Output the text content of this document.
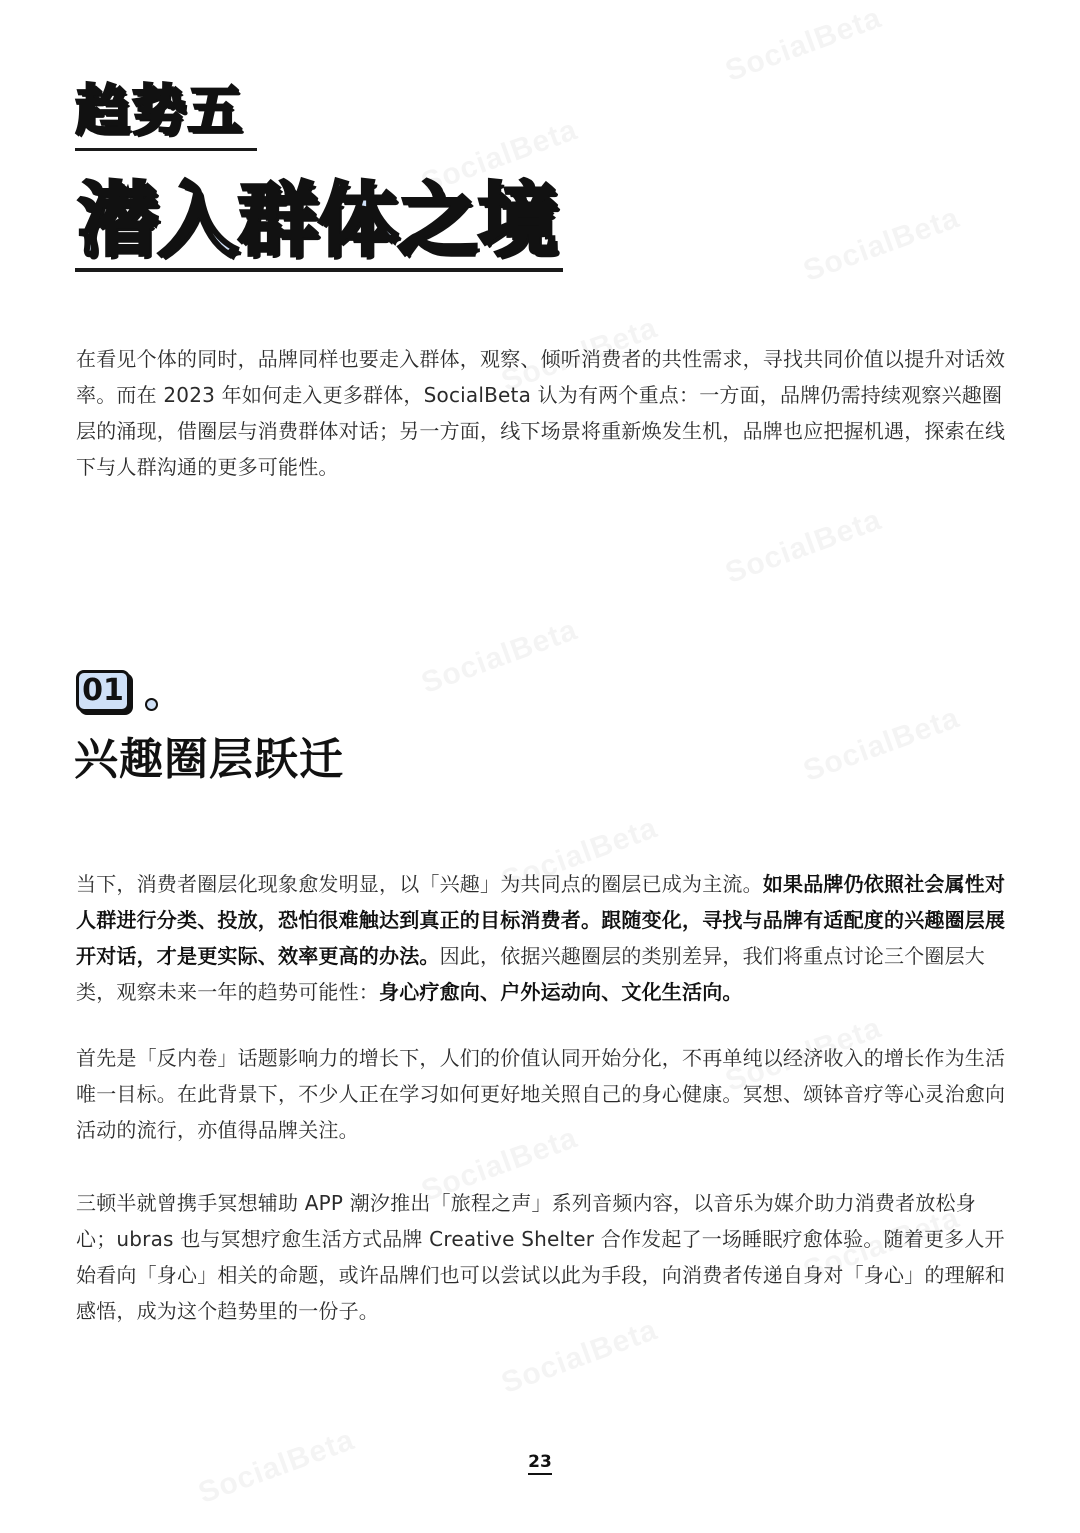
趋势五
潜入群体之境

在看见个体的同时，品牌同样也要走入群体，观察、倾听消费者的共性需求，寻找共同价值以提升对话效率。而在 2023 年如何走入更多群体，SocialBeta 认为有两个重点：一方面，品牌仍需持续观察兴趣圈层的涌现，借圈层与消费群体对话；另一方面，线下场景将重新焕发生机，品牌也应把握机遇，探索在线下与人群沟通的更多可能性。

01
兴趣圈层跃迁

当下，消费者圈层化现象愈发明显，以「兴趣」为共同点的圈层已成为主流。如果品牌仍依照社会属性对人群进行分类、投放，恐怕很难触达到真正的目标消费者。跟随变化，寻找与品牌有适配度的兴趣圈层展开对话，才是更实际、效率更高的办法。因此，依据兴趣圈层的类别差异，我们将重点讨论三个圈层大类，观察未来一年的趋势可能性：身心疗愈向、户外运动向、文化生活向。

首先是「反内卷」话题影响力的增长下，人们的价值认同开始分化，不再单纯以经济收入的增长作为生活唯一目标。在此背景下，不少人正在学习如何更好地关照自己的身心健康。冥想、颂钵音疗等心灵治愈向活动的流行，亦值得品牌关注。

三顿半就曾携手冥想辅助 APP 潮汐推出「旅程之声」系列音频内容，以音乐为媒介助力消费者放松身心；ubras 也与冥想疗愈生活方式品牌 Creative Shelter 合作发起了一场睡眠疗愈体验。随着更多人开始看向「身心」相关的命题，或许品牌们也可以尝试以此为手段，向消费者传递自身对「身心」的理解和感悟，成为这个趋势里的一份子。

23
